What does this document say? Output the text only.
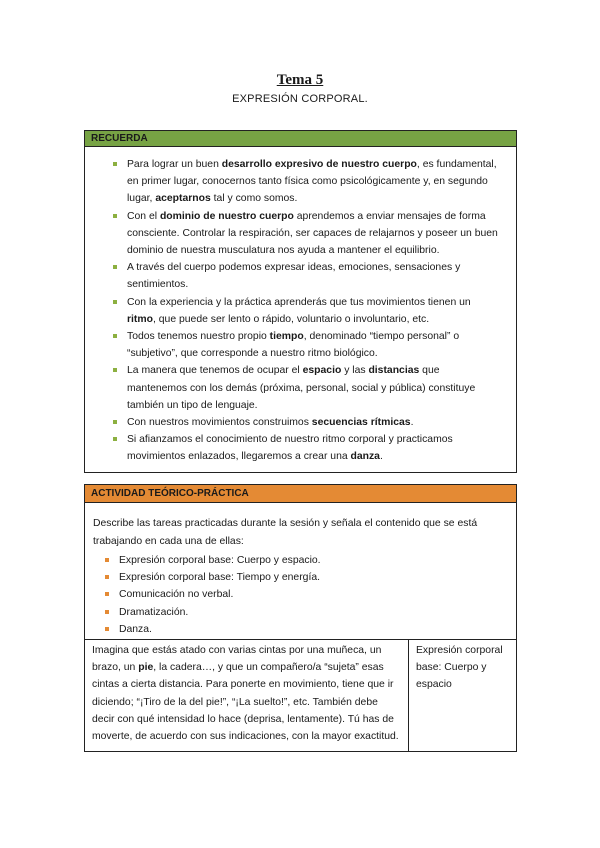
Tema 5
EXPRESIÓN CORPORAL.
RECUERDA
Para lograr un buen desarrollo expresivo de nuestro cuerpo, es fundamental, en primer lugar, conocernos tanto física como psicológicamente y, en segundo lugar, aceptarnos tal y como somos.
Con el dominio de nuestro cuerpo aprendemos a enviar mensajes de forma consciente. Controlar la respiración, ser capaces de relajarnos y poseer un buen dominio de nuestra musculatura nos ayuda a mantener el equilibrio.
A través del cuerpo podemos expresar ideas, emociones, sensaciones y sentimientos.
Con la experiencia y la práctica aprenderás que tus movimientos tienen un ritmo, que puede ser lento o rápido, voluntario o involuntario, etc.
Todos tenemos nuestro propio tiempo, denominado “tiempo personal” o “subjetivo”, que corresponde a nuestro ritmo biológico.
La manera que tenemos de ocupar el espacio y las distancias que mantenemos con los demás (próxima, personal, social y pública) constituye también un tipo de lenguaje.
Con nuestros movimientos construimos secuencias rítmicas.
Si afianzamos el conocimiento de nuestro ritmo corporal y practicamos movimientos enlazados, llegaremos a crear una danza.
ACTIVIDAD TEÓRICO-PRÁCTICA
Describe las tareas practicadas durante la sesión y señala el contenido que se está trabajando en cada una de ellas:
Expresión corporal base: Cuerpo y espacio.
Expresión corporal base: Tiempo y energía.
Comunicación no verbal.
Dramatización.
Danza.
Imagina que estás atado con varias cintas por una muñeca, un brazo, un pie, la cadera…, y que un compañero/a “sujeta” esas cintas a cierta distancia. Para ponerte en movimiento, tiene que ir diciendo; “¡Tiro de la del pie!”, “¡La suelto!”, etc. También debe decir con qué intensidad lo hace (deprisa, lentamente). Tú has de moverte, de acuerdo con sus indicaciones, con la mayor exactitud.
Expresión corporal base: Cuerpo y espacio
